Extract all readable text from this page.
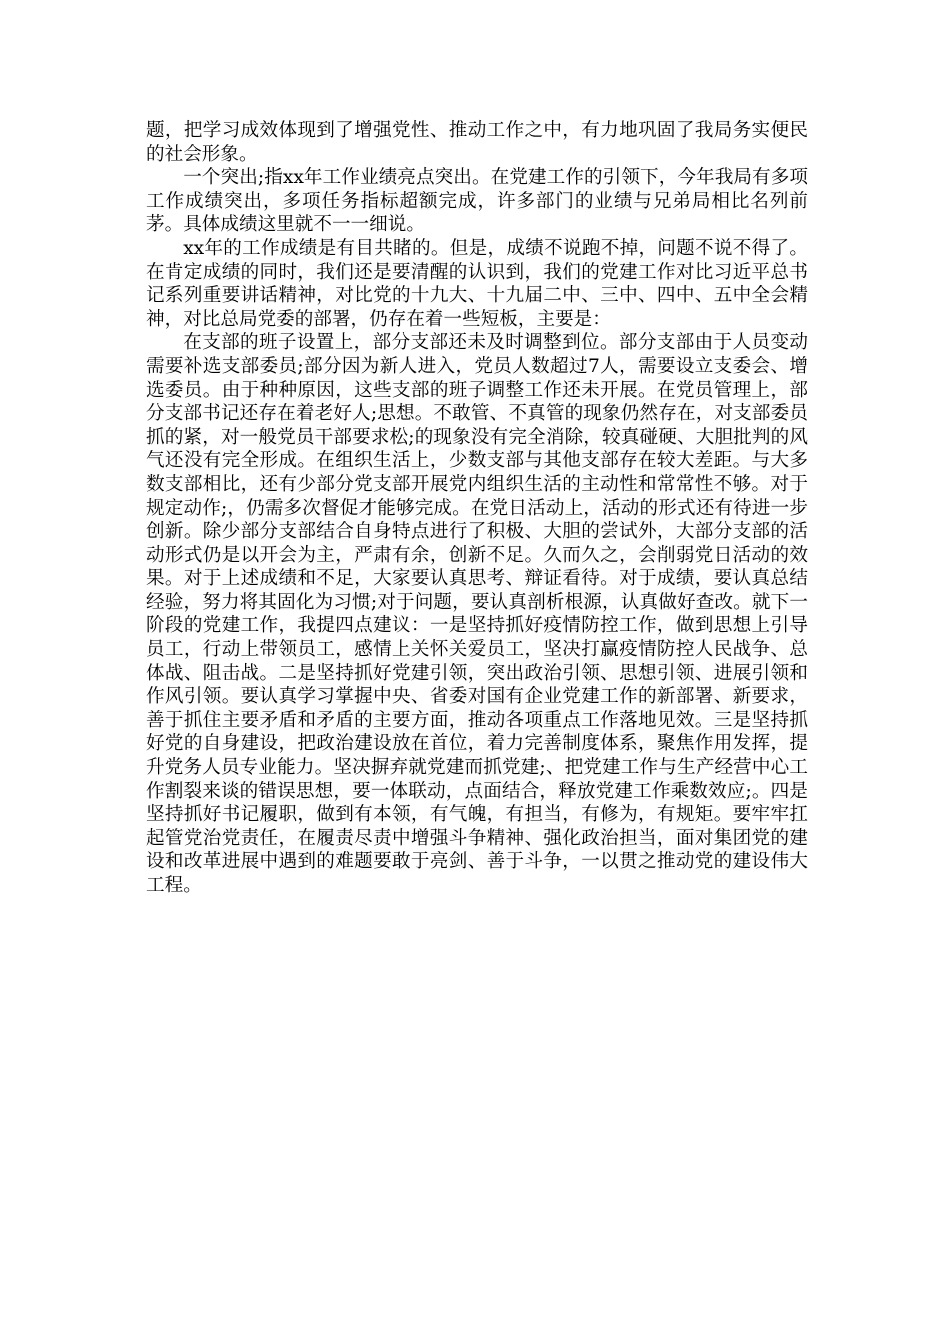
题，把学习成效体现到了增强党性、推动工作之中，有力地巩固了我局务实便民的社会形象。

一个突出;指xx年工作业绩亮点突出。在党建工作的引领下，今年我局有多项工作成绩突出，多项任务指标超额完成，许多部门的业绩与兄弟局相比名列前茅。具体成绩这里就不一一细说。

xx年的工作成绩是有目共睹的。但是，成绩不说跑不掉，问题不说不得了。在肯定成绩的同时，我们还是要清醒的认识到，我们的党建工作对比习近平总书记系列重要讲话精神，对比党的十九大、十九届二中、三中、四中、五中全会精神，对比总局党委的部署，仍存在着一些短板，主要是：

在支部的班子设置上，部分支部还未及时调整到位。部分支部由于人员变动需要补选支部委员;部分因为新人进入，党员人数超过7人，需要设立支委会、增选委员。由于种种原因，这些支部的班子调整工作还未开展。在党员管理上，部分支部书记还存在着老好人;思想。不敢管、不真管的现象仍然存在，对支部委员抓的紧，对一般党员干部要求松;的现象没有完全消除，较真碰硬、大胆批判的风气还没有完全形成。在组织生活上，少数支部与其他支部存在较大差距。与大多数支部相比，还有少部分党支部开展党内组织生活的主动性和常常性不够。对于规定动作;，仍需多次督促才能够完成。在党日活动上，活动的形式还有待进一步创新。除少部分支部结合自身特点进行了积极、大胆的尝试外，大部分支部的活动形式仍是以开会为主，严肃有余，创新不足。久而久之，会削弱党日活动的效果。对于上述成绩和不足，大家要认真思考、辩证看待。对于成绩，要认真总结经验，努力将其固化为习惯;对于问题，要认真剖析根源，认真做好查改。就下一阶段的党建工作，我提四点建议：一是坚持抓好疫情防控工作，做到思想上引导员工，行动上带领员工，感情上关怀关爱员工，坚决打赢疫情防控人民战争、总体战、阻击战。二是坚持抓好党建引领，突出政治引领、思想引领、进展引领和作风引领。要认真学习掌握中央、省委对国有企业党建工作的新部署、新要求，善于抓住主要矛盾和矛盾的主要方面，推动各项重点工作落地见效。三是坚持抓好党的自身建设，把政治建设放在首位，着力完善制度体系，聚焦作用发挥，提升党务人员专业能力。坚决摒弃就党建而抓党建;、把党建工作与生产经营中心工作割裂来谈的错误思想，要一体联动，点面结合，释放党建工作乘数效应;。四是坚持抓好书记履职，做到有本领，有气魄，有担当，有修为，有规矩。要牢牢扛起管党治党责任，在履责尽责中增强斗争精神、强化政治担当，面对集团党的建设和改革进展中遇到的难题要敢于亮剑、善于斗争，一以贯之推动党的建设伟大工程。
